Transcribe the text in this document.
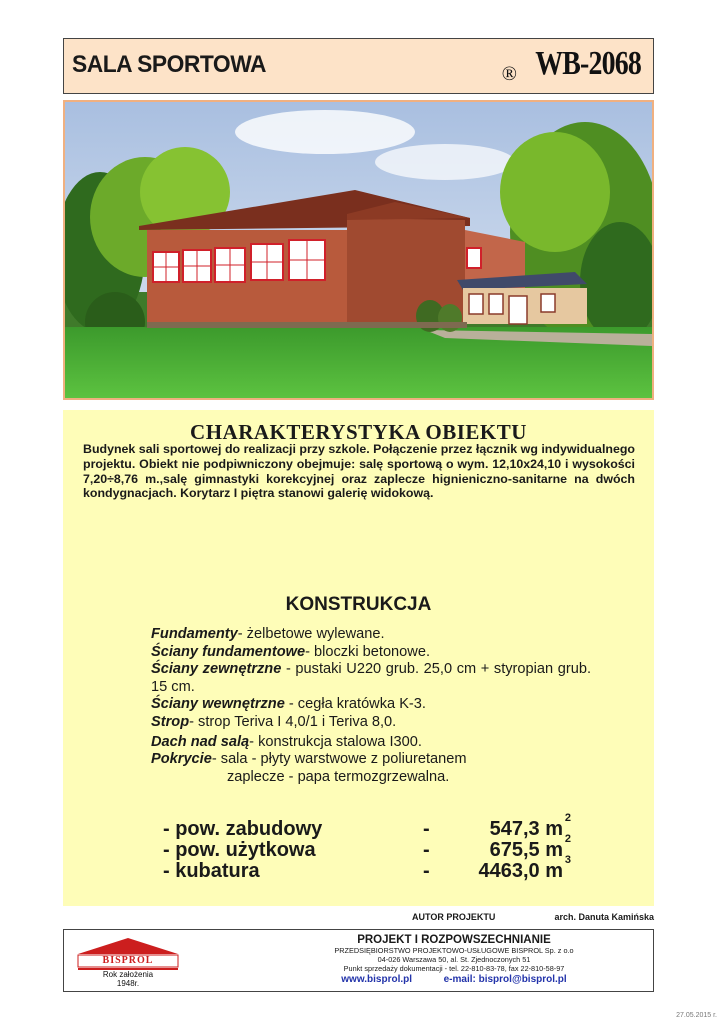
SALA SPORTOWA	® WB-2068
CHARAKTERYSTYKA OBIEKTU
Budynek sali sportowej do realizacji przy szkole. Połączenie przez łącznik wg indywidualnego projektu. Obiekt nie podpiwniczony obejmuje: salę sportową o wym. 12,10x24,10 i wysokości 7,20÷8,76 m.,salę gimnastyki korekcyjnej oraz zaplecze hignieniczno-sanitarne na dwóch kondygnacjach. Korytarz I piętra stanowi galerię widokową.
KONSTRUKCJA
Fundamenty- żelbetowe wylewane.
Ściany fundamentowe- bloczki betonowe.
Ściany zewnętrzne - pustaki U220 grub. 25,0 cm + styropian grub. 15 cm.
Ściany wewnętrzne - cegła kratówka K-3.
Strop- strop Teriva I 4,0/1 i Teriva 8,0.
Dach nad salą- konstrukcja stalowa I300.
Pokrycie- sala - płyty warstwowe z poliuretanem
zaplecze - papa termozgrzewalna.
- pow. zabudowy	-	547,3 m 2
- pow. użytkowa	-	675,5 m 2
- kubatura	- 4463,0 m 3
AUTOR PROJEKTU	arch. Danuta Kamińska
BISPROL
Rok założenia
1948r.
PROJEKT I ROZPOWSZECHNIANIE
PRZEDSIĘBIORSTWO PROJEKTOWO-USŁUGOWE BISPROL Sp. z o.o
04-026 Warszawa 50, al. St. Zjednoczonych 51
Punkt sprzedaży dokumentacji - tel. 22-810-83-78, fax 22-810-58-97
www.bisprol.pl	e-mail: bisprol@bisprol.pl
27.05.2015 r.
